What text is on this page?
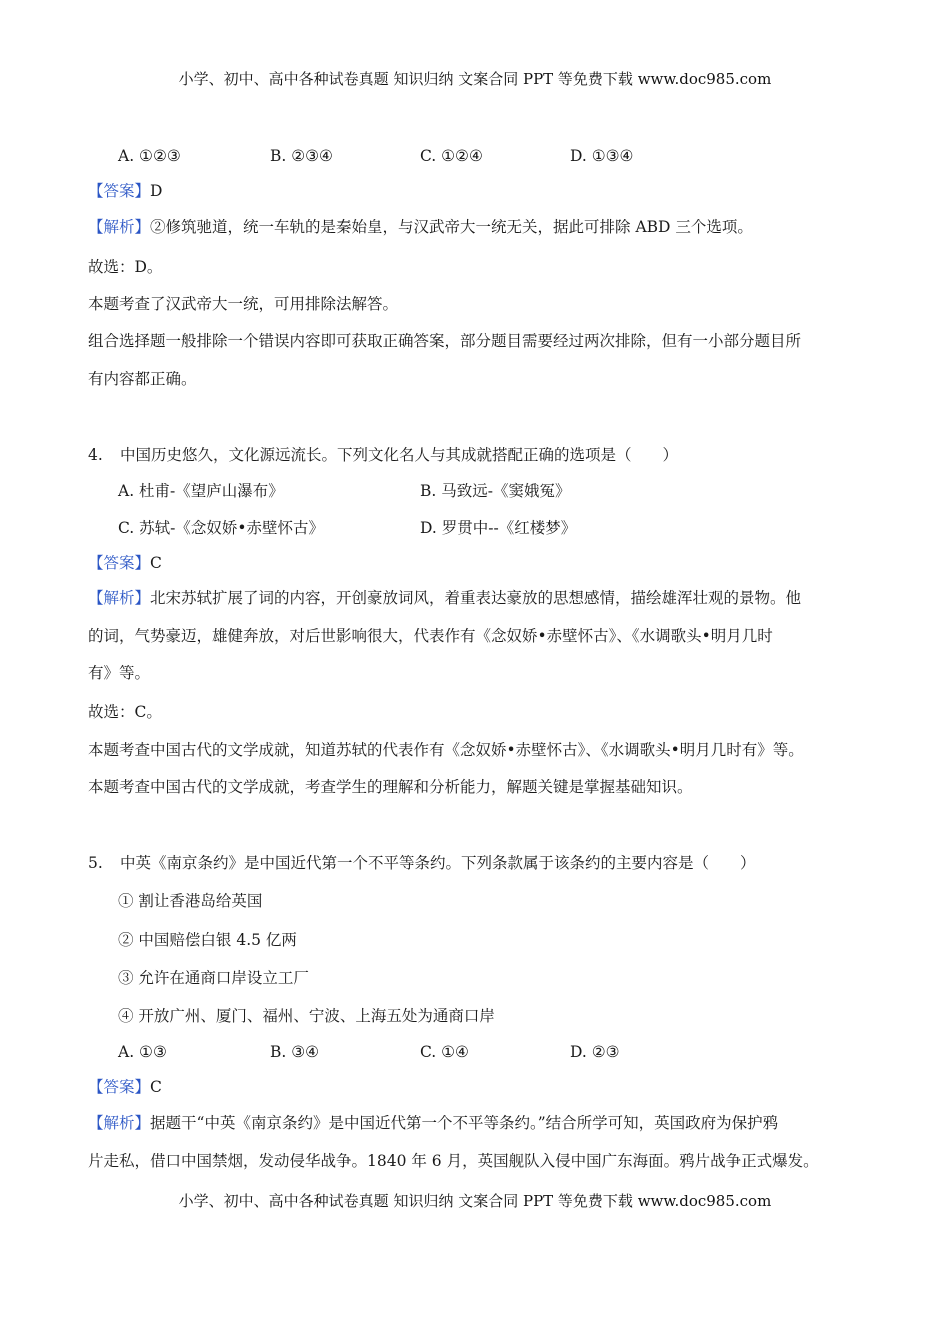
小学、初中、高中各种试卷真题 知识归纳 文案合同 PPT 等免费下载 www.doc985.com
A. ①②③	B. ②③④	C. ①②④	D. ①③④
【答案】D
【解析】②修筑驰道，统一车轨的是秦始皇，与汉武帝大一统无关，据此可排除 ABD 三个选项。
故选：D。
本题考查了汉武帝大一统，可用排除法解答。
组合选择题一般排除一个错误内容即可获取正确答案，部分题目需要经过两次排除，但有一小部分题目所
有内容都正确。
4. 中国历史悠久，文化源远流长。下列文化名人与其成就搭配正确的选项是（　　）
A. 杜甫-《望庐山瀑布》	B. 马致远-《窦娥冤》
C. 苏轼-《念奴娇•赤壁怀古》	D. 罗贯中--《红楼梦》
【答案】C
【解析】北宋苏轼扩展了词的内容，开创豪放词风，着重表达豪放的思想感情，描绘雄浑壮观的景物。他
的词，气势豪迈，雄健奔放，对后世影响很大，代表作有《念奴娇•赤壁怀古》、《水调歌头•明月几时
有》等。
故选：C。
本题考查中国古代的文学成就，知道苏轼的代表作有《念奴娇•赤壁怀古》、《水调歌头•明月几时有》等。
本题考查中国古代的文学成就，考查学生的理解和分析能力，解题关键是掌握基础知识。
5. 中英《南京条约》是中国近代第一个不平等条约。下列条款属于该条约的主要内容是（　　）
① 割让香港岛给英国
② 中国赔偿白银 4.5 亿两
③ 允许在通商口岸设立工厂
④ 开放广州、厦门、福州、宁波、上海五处为通商口岸
A. ①③	B. ③④	C. ①④	D. ②③
【答案】C
【解析】据题干“中英《南京条约》是中国近代第一个不平等条约。”结合所学可知，英国政府为保护鸦
片走私，借口中国禁烟，发动侵华战争。1840 年 6 月，英国舰队入侵中国广东海面。鸦片战争正式爆发。
小学、初中、高中各种试卷真题 知识归纳 文案合同 PPT 等免费下载 www.doc985.com
